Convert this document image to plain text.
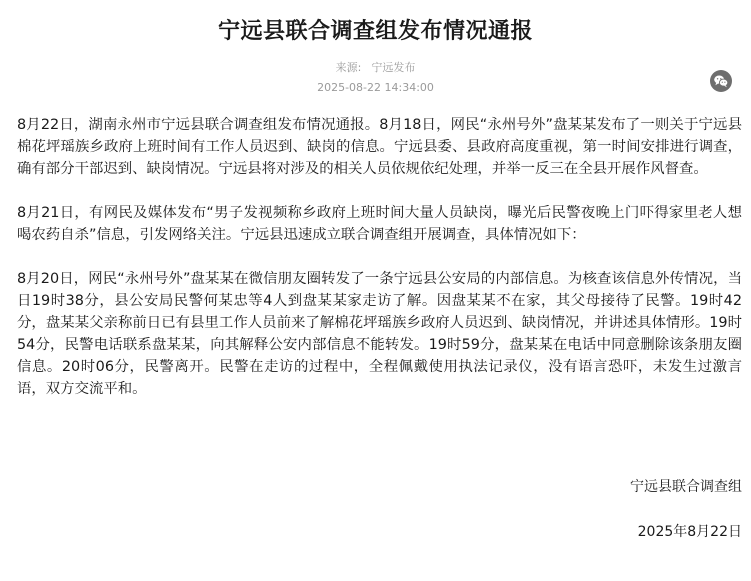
宁远县联合调查组发布情况通报
来源: 宁远发布
2025-08-22 14:34:00

8月22日，湖南永州市宁远县联合调查组发布情况通报。8月18日，网民“永州号外”盘某某发布了一则关于宁远县棉花坪瑶族乡政府上班时间有工作人员迟到、缺岗的信息。宁远县委、县政府高度重视，第一时间安排进行调查，确有部分干部迟到、缺岗情况。宁远县将对涉及的相关人员依规依纪处理，并举一反三在全县开展作风督查。

8月21日，有网民及媒体发布“男子发视频称乡政府上班时间大量人员缺岗，曝光后民警夜晚上门吓得家里老人想喝农药自杀”信息，引发网络关注。宁远县迅速成立联合调查组开展调查，具体情况如下：

8月20日，网民“永州号外”盘某某在微信朋友圈转发了一条宁远县公安局的内部信息。为核查该信息外传情况，当日19时38分，县公安局民警何某忠等4人到盘某某家走访了解。因盘某某不在家，其父母接待了民警。19时42分，盘某某父亲称前日已有县里工作人员前来了解棉花坪瑶族乡政府人员迟到、缺岗情况，并讲述具体情形。19时54分，民警电话联系盘某某，向其解释公安内部信息不能转发。19时59分，盘某某在电话中同意删除该条朋友圈信息。20时06分，民警离开。民警在走访的过程中，全程佩戴使用执法记录仪，没有语言恐吓，未发生过激言语，双方交流平和。

宁远县联合调查组
2025年8月22日
